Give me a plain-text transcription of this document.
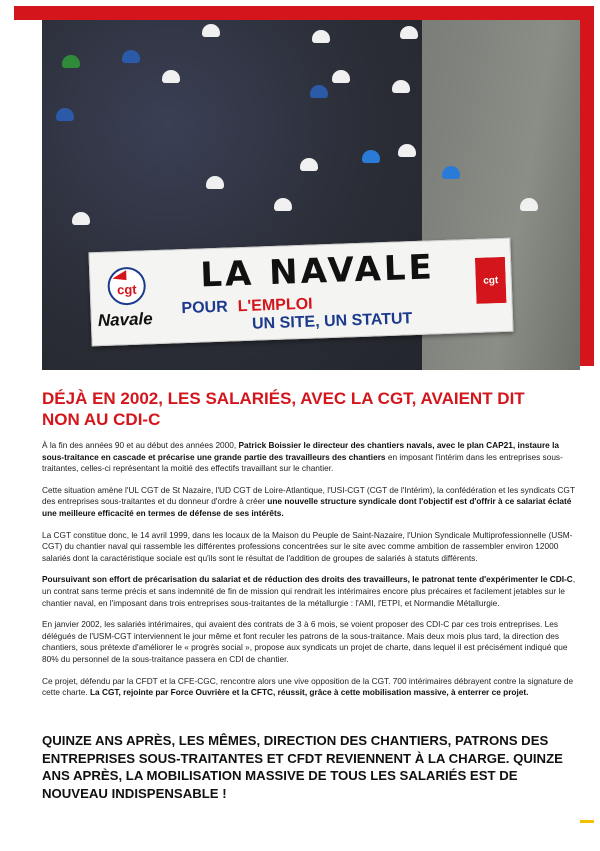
cgt
Navale
LA NAVALE
POUR L'EMPLOI
UN SITE, UN STATUT
cgt
DÉJÀ EN 2002, LES SALARIÉS, AVEC LA CGT, AVAIENT DIT NON AU CDI-C

À la fin des années 90 et au début des années 2000, Patrick Boissier le directeur des chantiers navals, avec le plan CAP21, instaure la sous-traitance en cascade et précarise une grande partie des travailleurs des chantiers en imposant l'intérim dans les entreprises sous-traitantes, celles-ci représentant la moitié des effectifs travaillant sur le chantier.

Cette situation amène l'UL CGT de St Nazaire, l'UD CGT de Loire-Atlantique, l'USI-CGT (CGT de l'Intérim), la confédération et les syndicats CGT des entreprises sous-traitantes et du donneur d'ordre à créer une nouvelle structure syndicale dont l'objectif est d'offrir à ce salariat éclaté une meilleure efficacité en termes de défense de ses intérêts.

La CGT constitue donc, le 14 avril 1999, dans les locaux de la Maison du Peuple de Saint-Nazaire, l'Union Syndicale Multiprofessionnelle (USM-CGT) du chantier naval qui rassemble les différentes professions concentrées sur le site avec comme ambition de rassembler environ 12000 salariés dont la caractéristique sociale est qu'ils sont le résultat de l'addition de groupes de salariés à statuts différents.

Poursuivant son effort de précarisation du salariat et de réduction des droits des travailleurs, le patronat tente d'expérimenter le CDI-C, un contrat sans terme précis et sans indemnité de fin de mission qui rendrait les intérimaires encore plus précaires et facilement jetables sur le chantier naval, en l'imposant dans trois entreprises sous-traitantes de la métallurgie : l'AMI, l'ETPI, et Normandie Métallurgie.

En janvier 2002, les salariés intérimaires, qui avaient des contrats de 3 à 6 mois, se voient proposer des CDI-C par ces trois entreprises. Les délégués de l'USM-CGT interviennent le jour même et font reculer les patrons de la sous-traitance. Mais deux mois plus tard, la direction des chantiers, sous prétexte d'améliorer le « progrès social », propose aux syndicats un projet de charte, dans lequel il est précisément indiqué que 80% du personnel de la sous-traitance passera en CDI de chantier.

Ce projet, défendu par la CFDT et la CFE-CGC, rencontre alors une vive opposition de la CGT. 700 intérimaires débrayent contre la signature de cette charte. La CGT, rejointe par Force Ouvrière et la CFTC, réussit, grâce à cette mobilisation massive, à enterrer ce projet.

QUINZE ANS APRÈS, LES MÊMES, DIRECTION DES CHANTIERS, PATRONS DES ENTREPRISES SOUS-TRAITANTES ET CFDT REVIENNENT À LA CHARGE. QUINZE ANS APRÈS, LA MOBILISATION MASSIVE DE TOUS LES SALARIÉS EST DE NOUVEAU INDISPENSABLE !
